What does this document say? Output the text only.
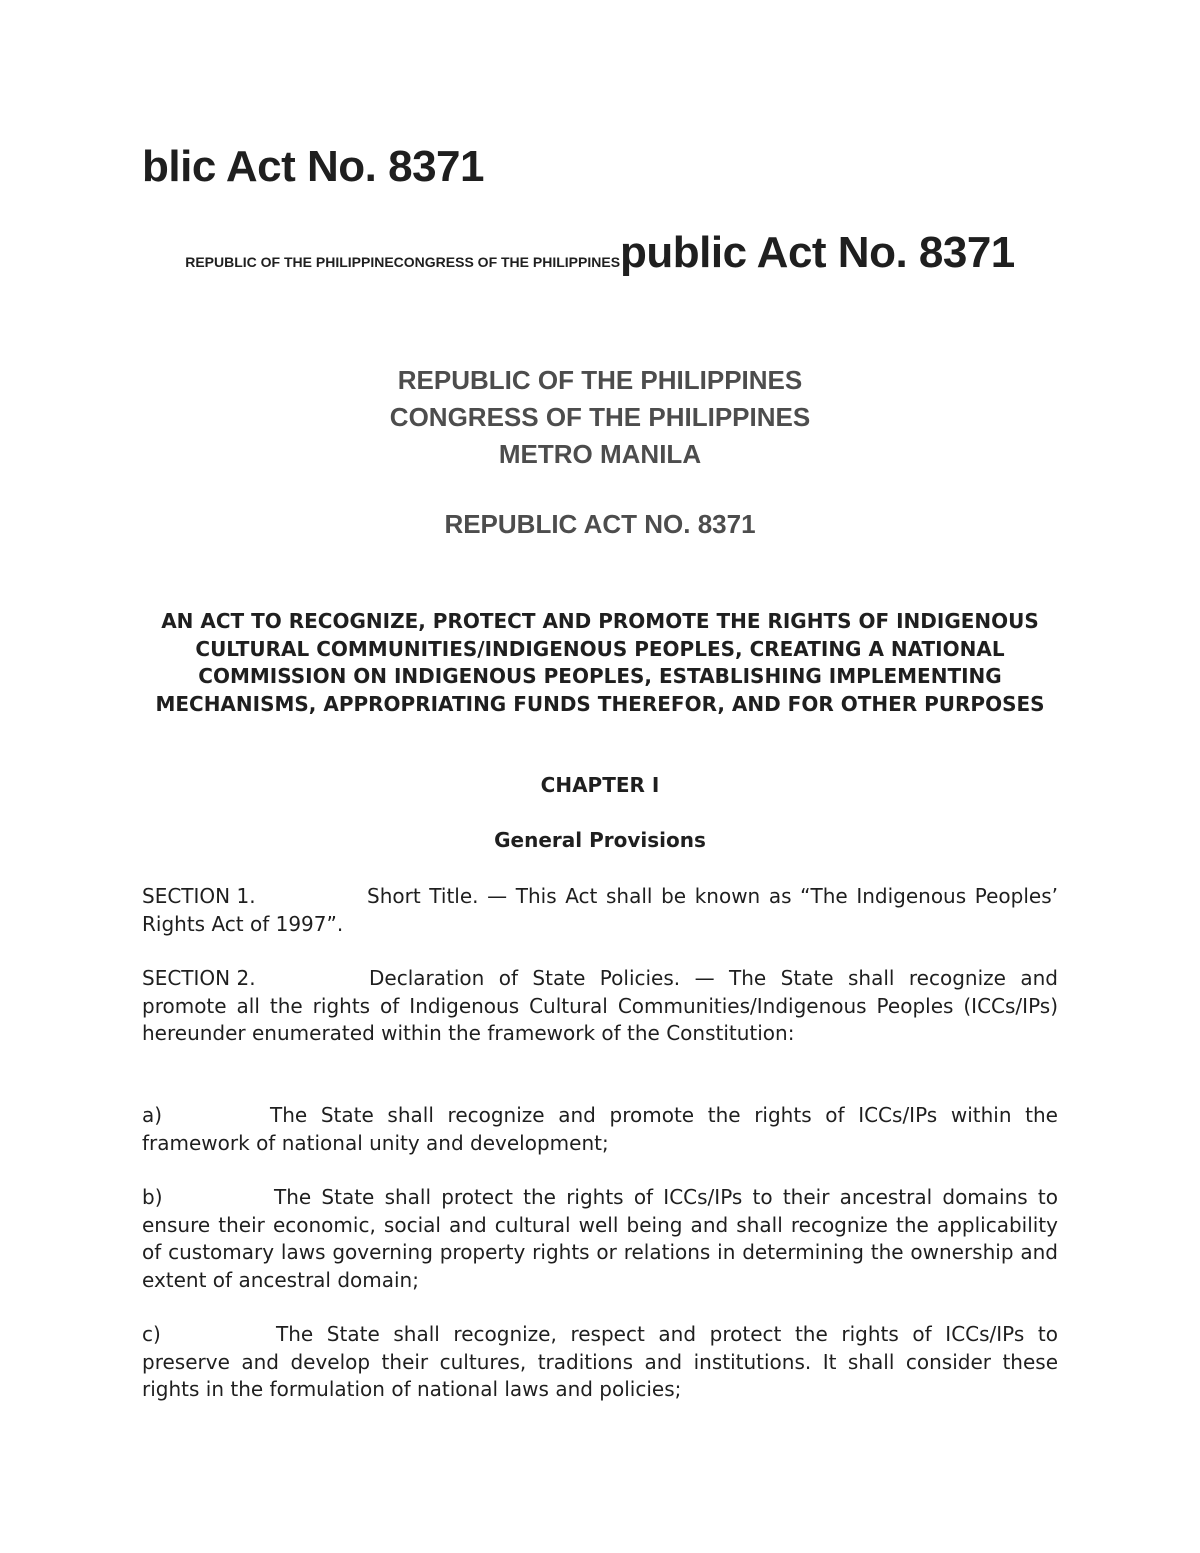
blic Act No. 8371

REPUBLIC OF THE PHILIPPINECONGRESS OF THE PHILIPPINESpublic Act No. 8371

REPUBLIC OF THE PHILIPPINES
CONGRESS OF THE PHILIPPINES
METRO MANILA
REPUBLIC ACT NO. 8371

AN ACT TO RECOGNIZE, PROTECT AND PROMOTE THE RIGHTS OF INDIGENOUS CULTURAL COMMUNITIES/INDIGENOUS PEOPLES, CREATING A NATIONAL COMMISSION ON INDIGENOUS PEOPLES, ESTABLISHING IMPLEMENTING MECHANISMS, APPROPRIATING FUNDS THEREFOR, AND FOR OTHER PURPOSES

CHAPTER I
General Provisions

SECTION 1.	Short Title. — This Act shall be known as “The Indigenous Peoples’ Rights Act of 1997”.

SECTION 2.	Declaration of State Policies. — The State shall recognize and promote all the rights of Indigenous Cultural Communities/Indigenous Peoples (ICCs/IPs) hereunder enumerated within the framework of the Constitution:

a)	The State shall recognize and promote the rights of ICCs/IPs within the framework of national unity and development;

b)	The State shall protect the rights of ICCs/IPs to their ancestral domains to ensure their economic, social and cultural well being and shall recognize the applicability of customary laws governing property rights or relations in determining the ownership and extent of ancestral domain;

c)	The State shall recognize, respect and protect the rights of ICCs/IPs to preserve and develop their cultures, traditions and institutions. It shall consider these rights in the formulation of national laws and policies;
